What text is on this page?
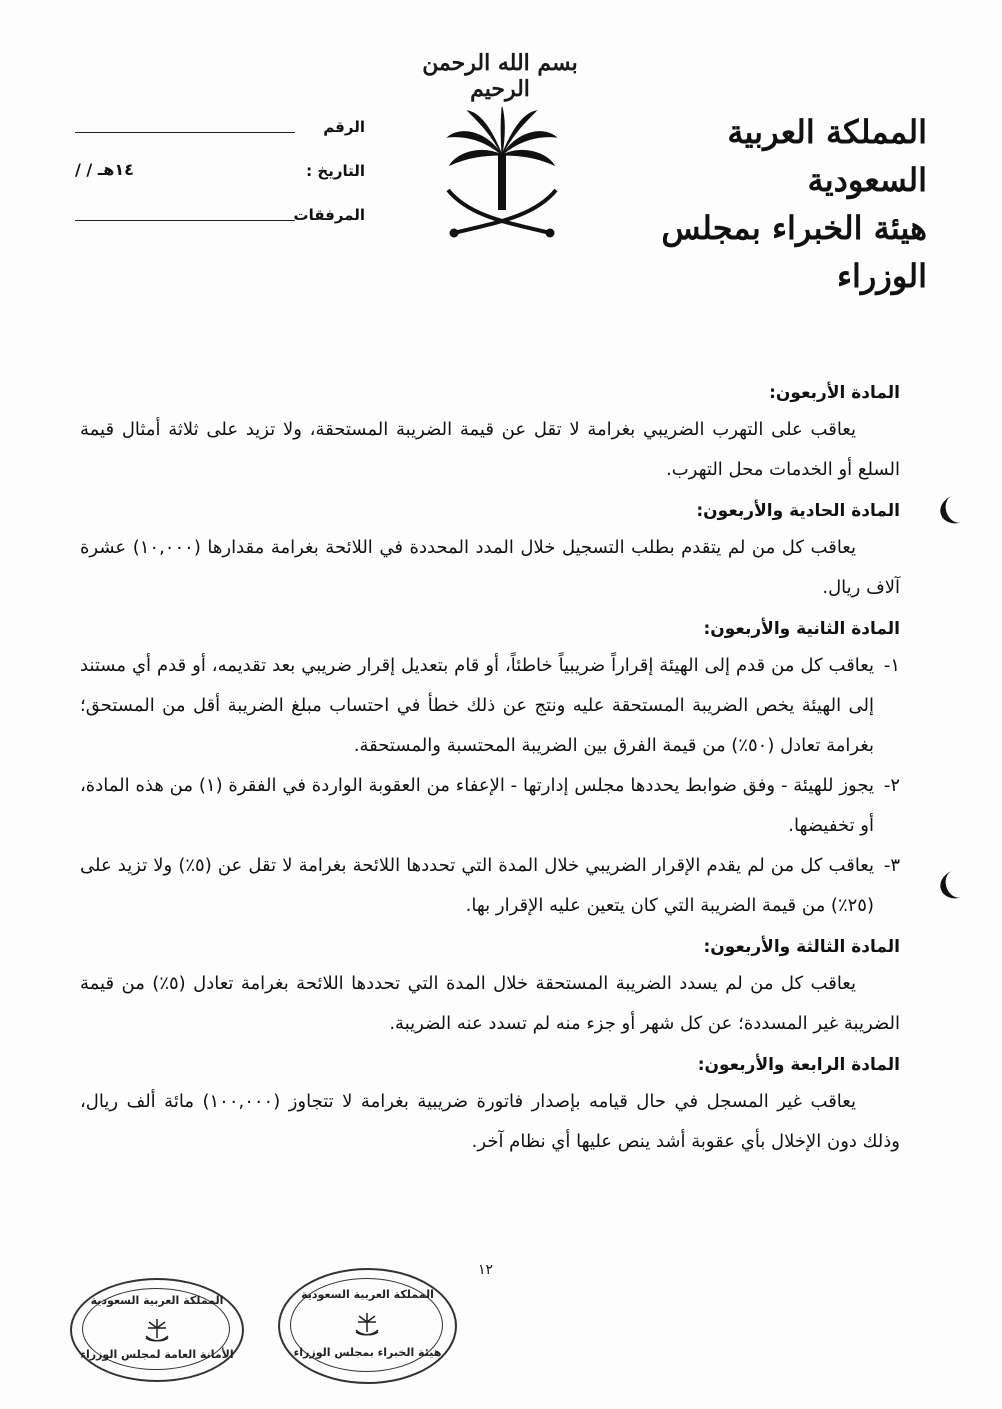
بسم الله الرحمن الرحيم
المملكة العربية السعودية
هيئة الخبراء بمجلس الوزراء
الرقم
التاريخ :
/ / ١٤هـ
المرفقات
المادة الأربعون:

يعاقب على التهرب الضريبي بغرامة لا تقل عن قيمة الضريبة المستحقة، ولا تزيد على ثلاثة أمثال قيمة السلع أو الخدمات محل التهرب.

المادة الحادية والأربعون:

يعاقب كل من لم يتقدم بطلب التسجيل خلال المدد المحددة في اللائحة بغرامة مقدارها (١٠,٠٠٠) عشرة آلاف ريال.

المادة الثانية والأربعون:
١-
يعاقب كل من قدم إلى الهيئة إقراراً ضريبياً خاطئاً، أو قام بتعديل إقرار ضريبي بعد تقديمه، أو قدم أي مستند إلى الهيئة يخص الضريبة المستحقة عليه ونتج عن ذلك خطأ في احتساب مبلغ الضريبة أقل من المستحق؛ بغرامة تعادل (٥٠٪) من قيمة الفرق بين الضريبة المحتسبة والمستحقة.
٢-
يجوز للهيئة - وفق ضوابط يحددها مجلس إدارتها - الإعفاء من العقوبة الواردة في الفقرة (١) من هذه المادة، أو تخفيضها.
٣-
يعاقب كل من لم يقدم الإقرار الضريبي خلال المدة التي تحددها اللائحة بغرامة لا تقل عن (٥٪) ولا تزيد على (٢٥٪) من قيمة الضريبة التي كان يتعين عليه الإقرار بها.
المادة الثالثة والأربعون:

يعاقب كل من لم يسدد الضريبة المستحقة خلال المدة التي تحددها اللائحة بغرامة تعادل (٥٪) من قيمة الضريبة غير المسددة؛ عن كل شهر أو جزء منه لم تسدد عنه الضريبة.

المادة الرابعة والأربعون:

يعاقب غير المسجل في حال قيامه بإصدار فاتورة ضريبية بغرامة لا تتجاوز (١٠٠,٠٠٠) مائة ألف ريال، وذلك دون الإخلال بأي عقوبة أشد ينص عليها أي نظام آخر.

١٢
المملكة العربية السعودية
الأمانة العامة لمجلس الوزراء
المملكة العربية السعودية
هيئة الخبراء بمجلس الوزراء
